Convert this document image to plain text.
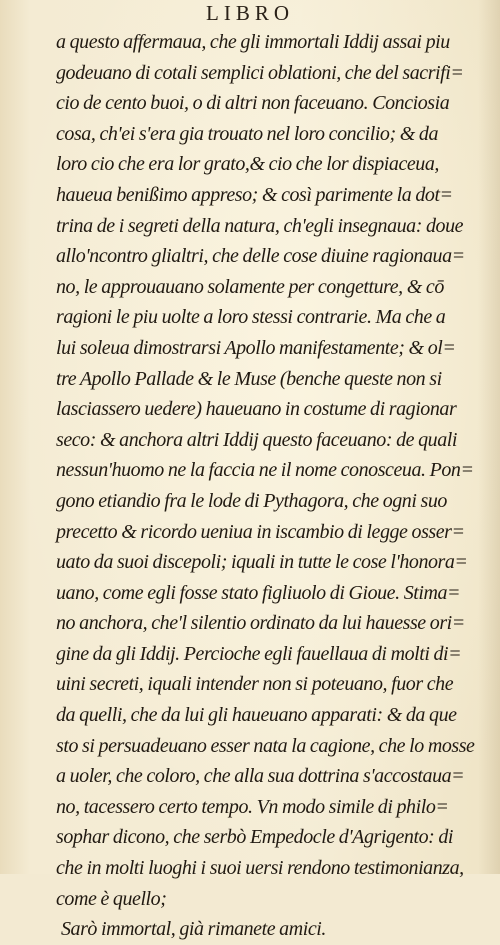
LIBRO
a questo affermaua, che gli immortali Iddij assai piu
godeuano di cotali semplici oblationi, che del sacrifi=
cio de cento buoi, o di altri non faceuano. Conciosia
cosa, ch'ei s'era gia trouato nel loro concilio; & da
loro cio che era lor grato,& cio che lor dispiaceua,
haueua benißimo appreso; & così parimente la dot=
trina de i segreti della natura, ch'egli insegnaua: doue
allo'ncontro glialtri, che delle cose diuine ragionaua=
no, le approuauano solamente per congetture, & cō
ragioni le piu uolte a loro stessi contrarie. Ma che a
lui soleua dimostrarsi Apollo manifestamente; & ol=
tre Apollo Pallade & le Muse (benche queste non si
lasciassero uedere) haueuano in costume di ragionar
seco: & anchora altri Iddij questo faceuano: de quali
nessun'huomo ne la faccia ne il nome conosceua. Pon=
gono etiandio fra le lode di Pythagora, che ogni suo
precetto & ricordo ueniua in iscambio di legge osser=
uato da suoi discepoli; iquali in tutte le cose l'honora=
uano, come egli fosse stato figliuolo di Gioue. Stima=
no anchora, che'l silentio ordinato da lui hauesse ori=
gine da gli Iddij. Percioche egli fauellaua di molti di=
uini secreti, iquali intender non si poteuano, fuor che
da quelli, che da lui gli haueuano apparati: & da que
sto si persuadeuano esser nata la cagione, che lo mosse
a uoler, che coloro, che alla sua dottrina s'accostaua=
no, tacessero certo tempo. Vn modo simile di philo=
sophar dicono, che serbò Empedocle d'Agrigento: di
che in molti luoghi i suoi uersi rendono testimonianza,
come è quello;
Sarò immortal, già rimanete amici.
